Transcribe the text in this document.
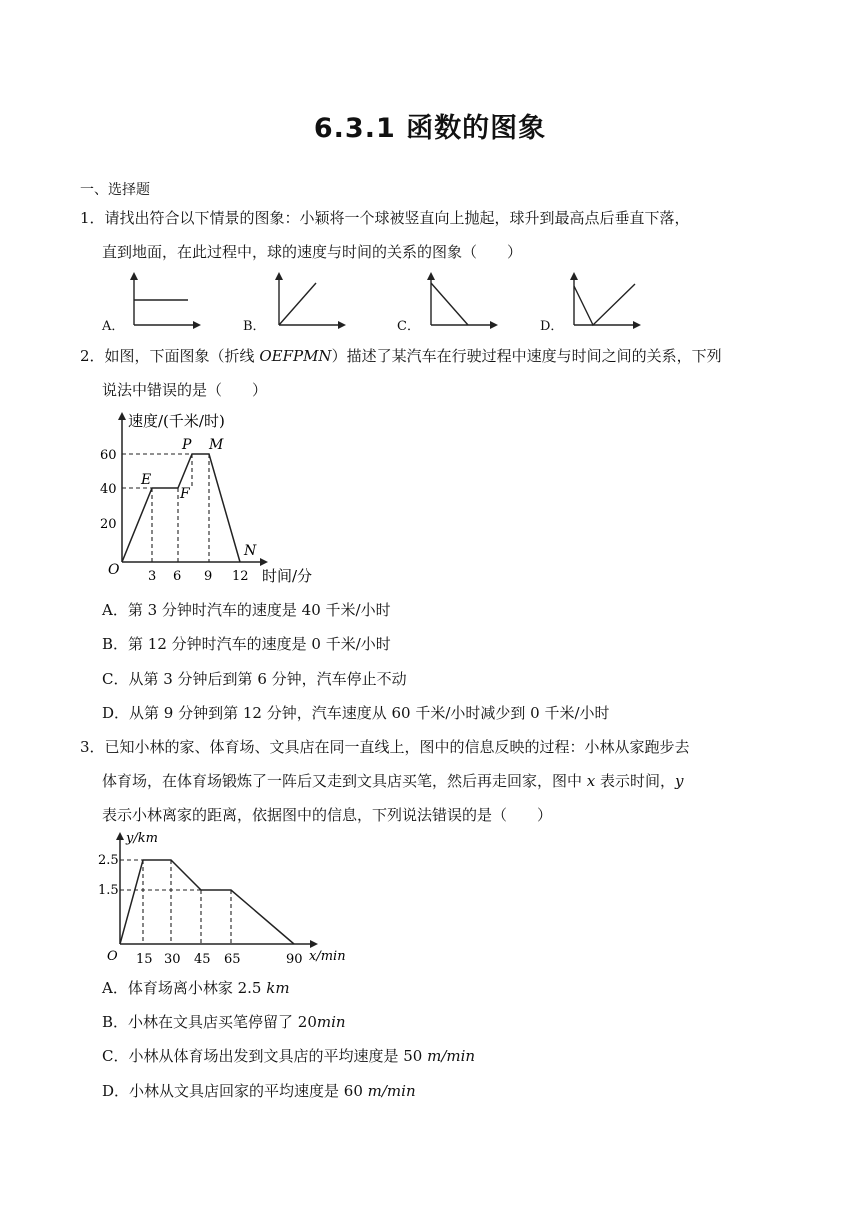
6.3.1 函数的图象
一、选择题
1．请找出符合以下情景的图象：小颖将一个球被竖直向上抛起，球升到最高点后垂直下落，
直到地面，在此过程中，球的速度与时间的关系的图象（　　）
A．	B．	C．	D．
2．如图，下面图象（折线 OEFPMN）描述了某汽车在行驶过程中速度与时间之间的关系，下列
说法中错误的是（　　）
速度/(千米/时)
时间/分
O
60
40
20
3 6 9 12
E
F
P M
N
A．第 3 分钟时汽车的速度是 40 千米/小时
B．第 12 分钟时汽车的速度是 0 千米/小时
C．从第 3 分钟后到第 6 分钟，汽车停止不动
D．从第 9 分钟到第 12 分钟，汽车速度从 60 千米/小时减少到 0 千米/小时
3．已知小林的家、体育场、文具店在同一直线上，图中的信息反映的过程：小林从家跑步去
体育场，在体育场锻炼了一阵后又走到文具店买笔，然后再走回家，图中 x 表示时间，y
表示小林离家的距离，依据图中的信息，下列说法错误的是（　　）
y/km
x/min
O
2.5
1.5
15 30 45 65	90
A．体育场离小林家 2.5 km
B．小林在文具店买笔停留了 20min
C．小林从体育场出发到文具店的平均速度是 50 m/min
D．小林从文具店回家的平均速度是 60 m/min
